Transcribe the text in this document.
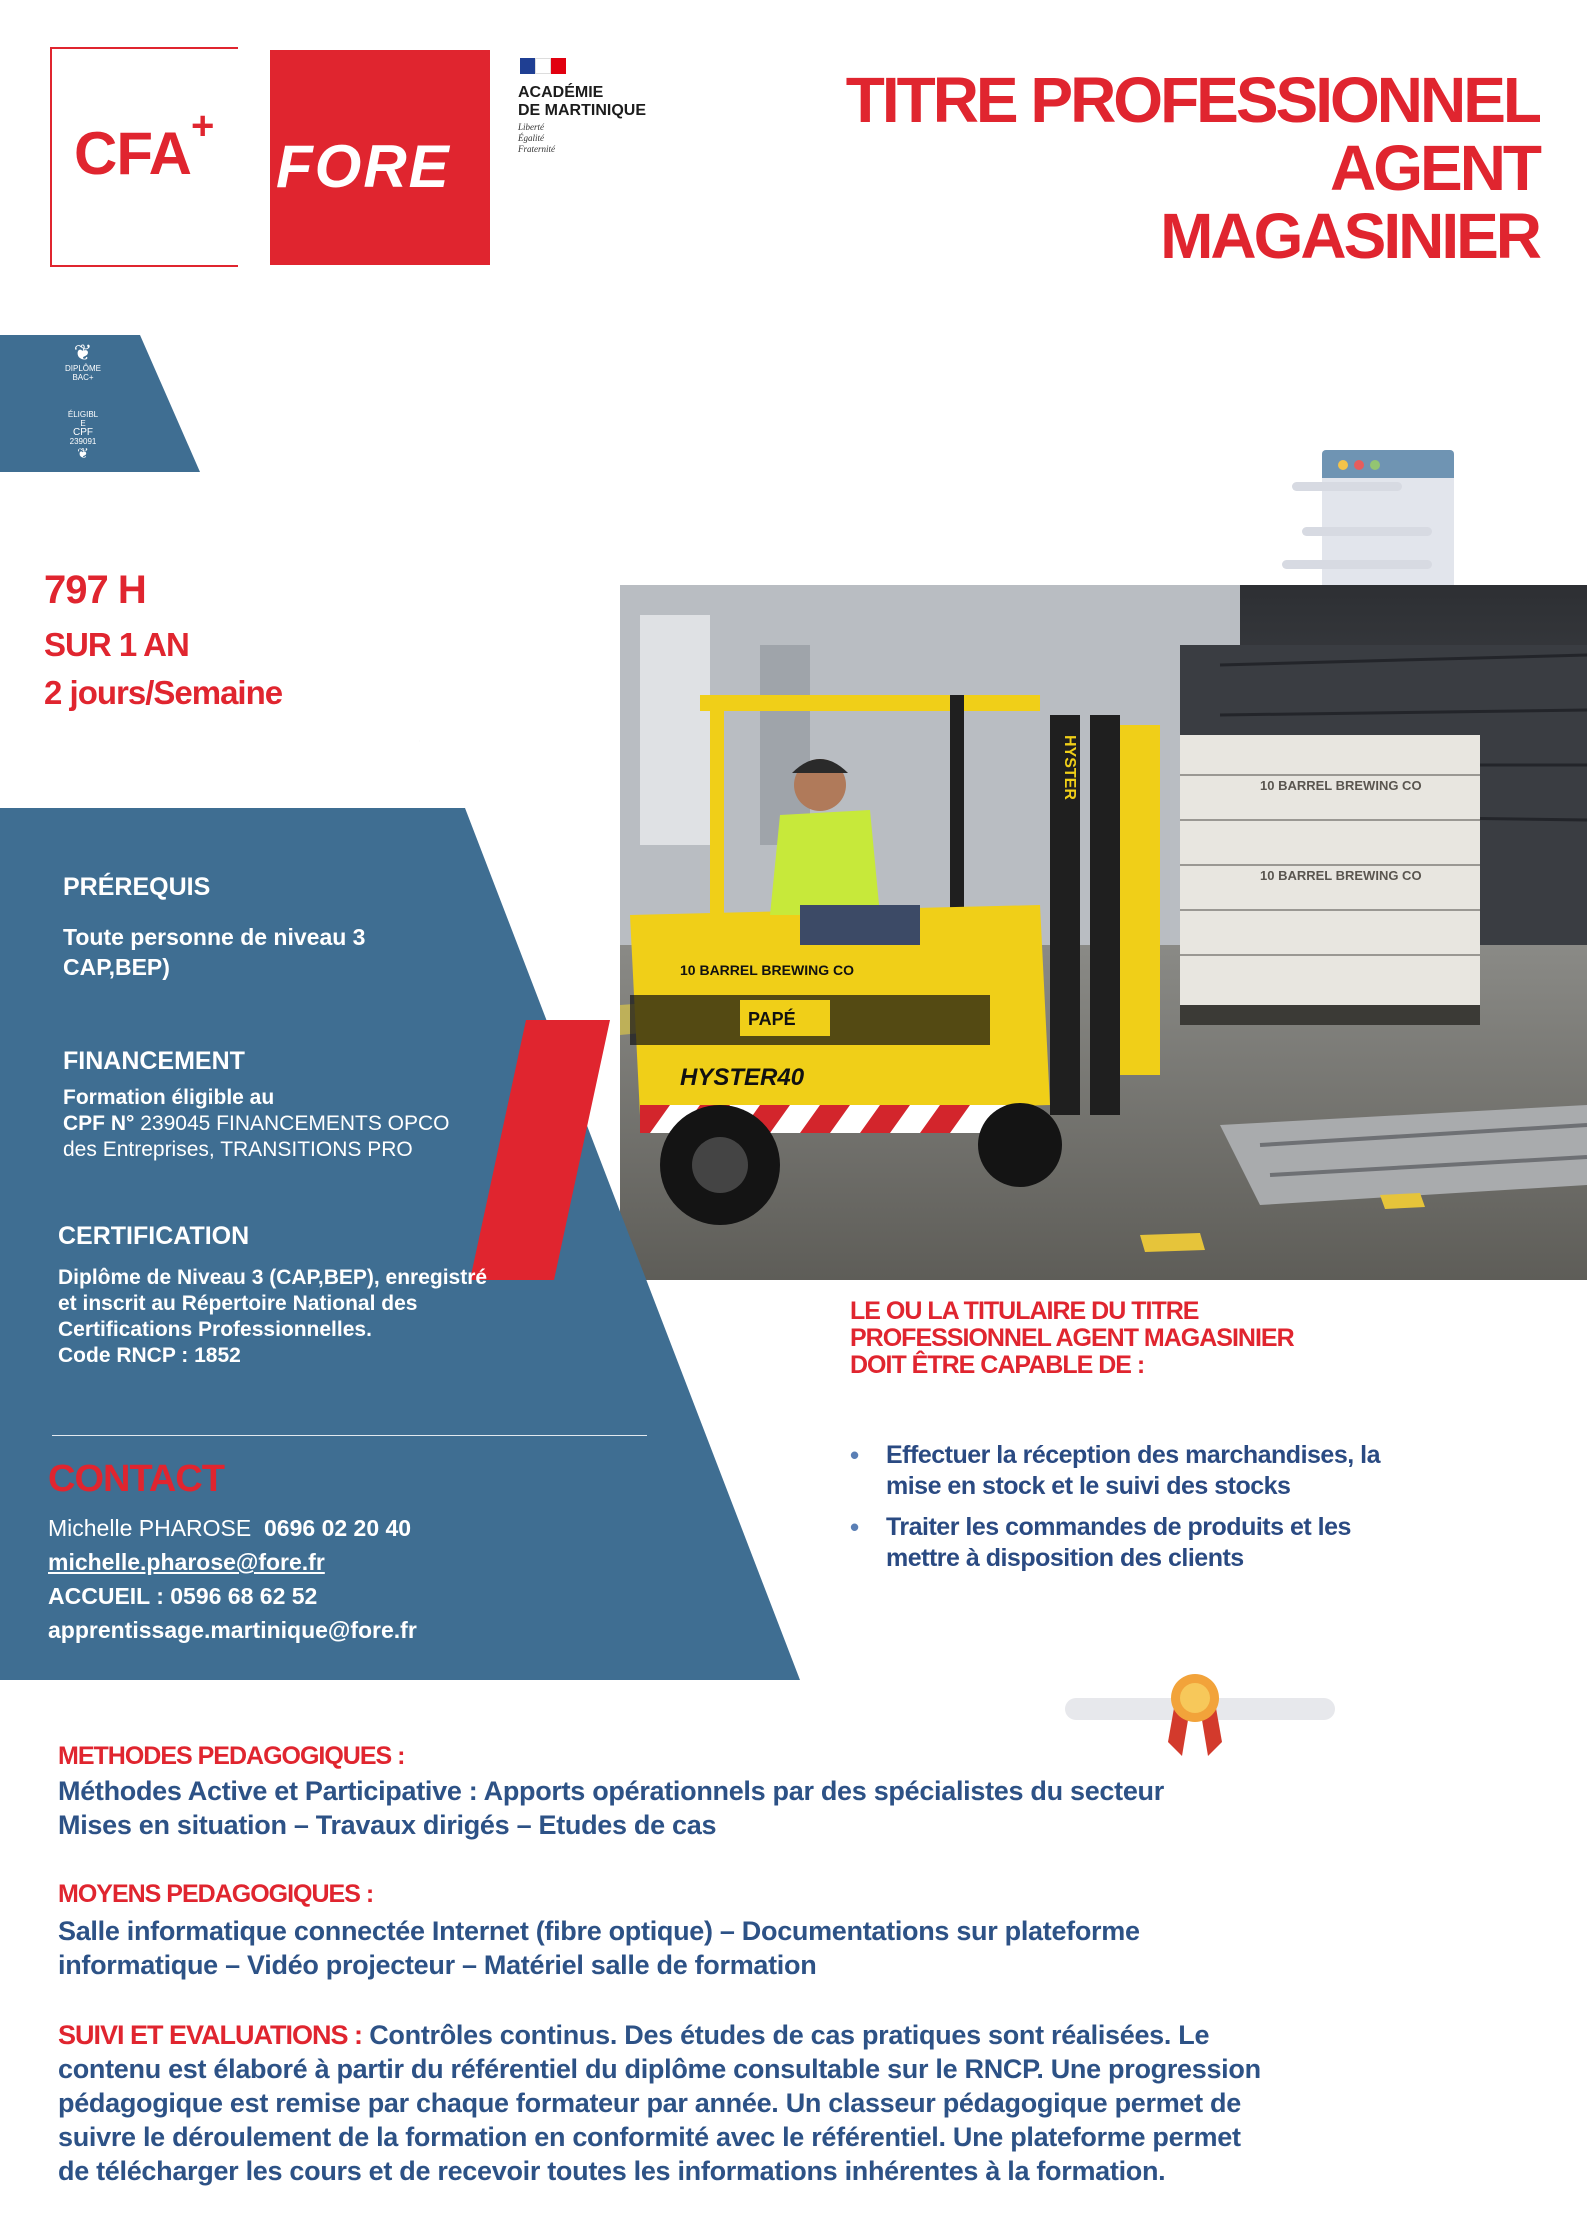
CFA+
FORE
ACADÉMIE
DE MARTINIQUE
Liberté
Égalité
Fraternité
TITRE PROFESSIONNEL
AGENT
MAGASINIER
❦
DIPLÔME
BAC+
ÉLIGIBL
E
CPF
239091
❦
10 BARREL BREWING CO
10 BARREL BREWING CO
HYSTER
10 BARREL BREWING CO
PAPÉ
HYSTER40
797 H
SUR 1 AN
2 jours/Semaine
PRÉREQUIS
Toute personne de niveau 3
CAP,BEP)
FINANCEMENT
Formation éligible au
CPF N° 239045 FINANCEMENTS OPCO
des Entreprises, TRANSITIONS PRO
CERTIFICATION
Diplôme de Niveau 3 (CAP,BEP), enregistré
et inscrit au Répertoire National des
Certifications Professionnelles.
Code RNCP : 1852
CONTACT
Michelle PHAROSE 0696 02 20 40
michelle.pharose@fore.fr
ACCUEIL : 0596 68 62 52
apprentissage.martinique@fore.fr
LE OU LA TITULAIRE DU TITRE
PROFESSIONNEL AGENT MAGASINIER
DOIT ÊTRE CAPABLE DE :
• Effectuer la réception des marchandises, la
mise en stock et le suivi des stocks
• Traiter les commandes de produits et les
mettre à disposition des clients
METHODES PEDAGOGIQUES :
Méthodes Active et Participative : Apports opérationnels par des spécialistes du secteur
Mises en situation – Travaux dirigés – Etudes de cas
MOYENS PEDAGOGIQUES :
Salle informatique connectée Internet (fibre optique) – Documentations sur plateforme
informatique – Vidéo projecteur – Matériel salle de formation
SUIVI ET EVALUATIONS : Contrôles continus. Des études de cas pratiques sont réalisées. Le
contenu est élaboré à partir du référentiel du diplôme consultable sur le RNCP. Une progression
pédagogique est remise par chaque formateur par année. Un classeur pédagogique permet de
suivre le déroulement de la formation en conformité avec le référentiel. Une plateforme permet
de télécharger les cours et de recevoir toutes les informations inhérentes à la formation.
